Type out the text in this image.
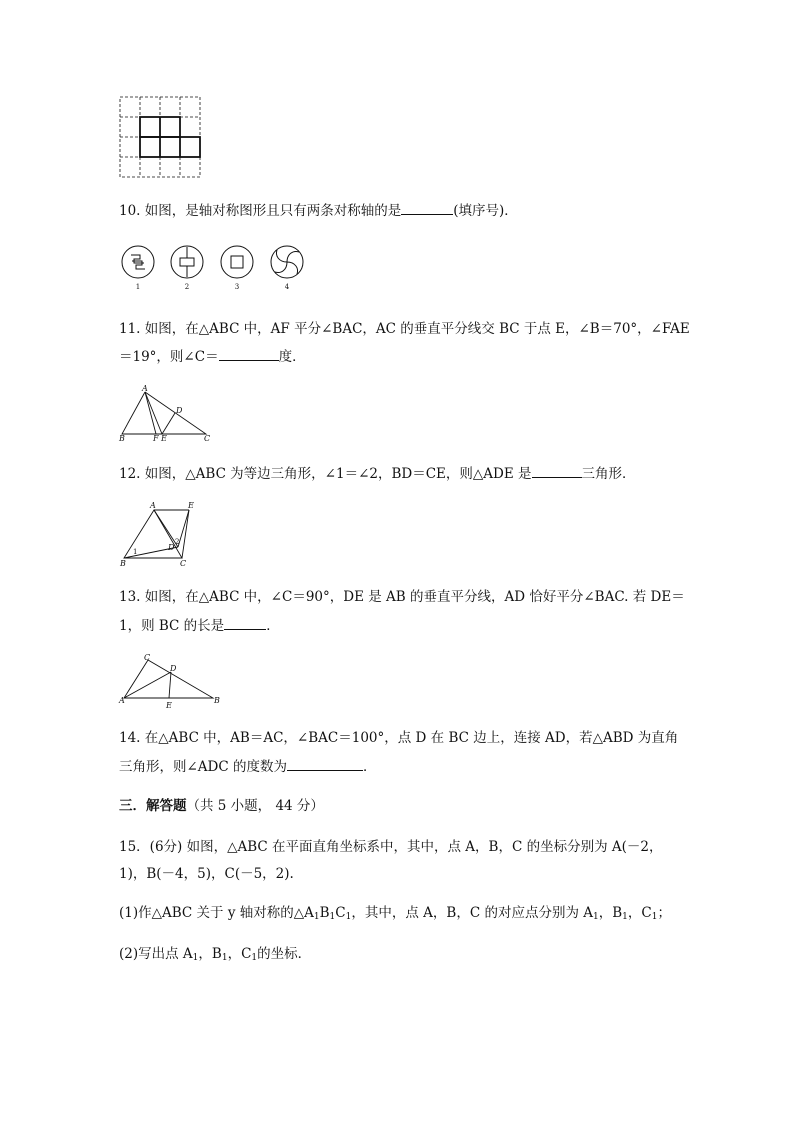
10. 如图，是轴对称图形且只有两条对称轴的是	(填序号)．
1	2	3	4
11. 如图，在△ABC 中，AF 平分∠BAC，AC 的垂直平分线交 BC 于点 E，∠B＝70°，∠FAE
＝19°，则∠C＝	度．
A
B	C
D
E
F
12. 如图，△ABC 为等边三角形，∠1＝∠2，BD＝CE，则△ADE 是	三角形．
A	E
B	C
D
1
2
13. 如图，在△ABC 中，∠C＝90°，DE 是 AB 的垂直平分线，AD 恰好平分∠BAC. 若 DE＝
1，则 BC 的长是	．
C
D
A	B
E
14. 在△ABC 中，AB＝AC，∠BAC＝100°，点 D 在 BC 边上，连接 AD，若△ABD 为直角
三角形，则∠ADC 的度数为	．
三．解答题（共 5 小题， 44 分）
15．(6分) 如图，△ABC 在平面直角坐标系中，其中，点 A，B，C 的坐标分别为 A(－2，
1)，B(－4，5)，C(－5，2).
(1)作△ABC 关于 y 轴对称的$\triangle A_1B_1C_1$，其中，点 A，B，C 的对应点分别为 $A_1$，$B_1$，$C_1$；
(2)写出点 $A_1$，$B_1$，$C_1$的坐标．
